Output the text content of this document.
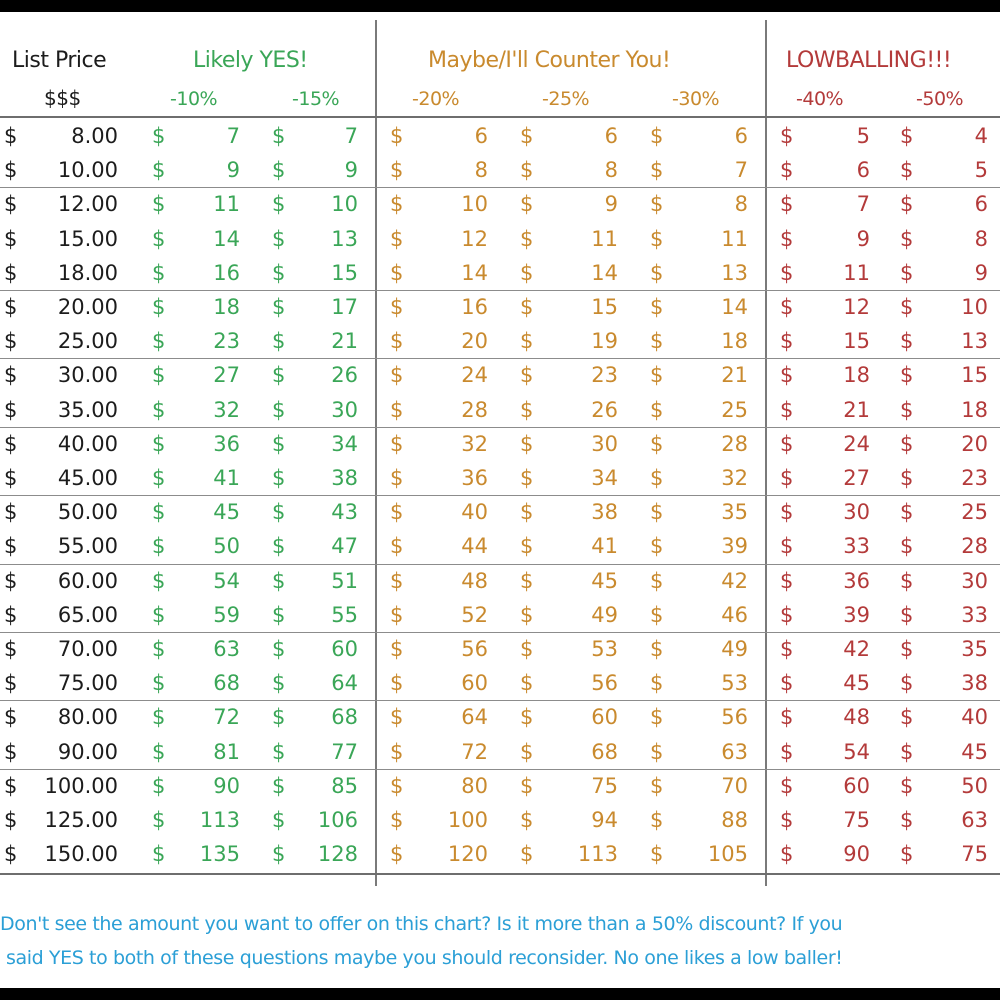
List Price
$$$
Likely YES!	Maybe/I'll Counter You!	LOWBALLING!!!
-10%	-15%	-20%	-25%	-30%	-40%	-50%
$	8.00 $	7 $	7 $	6 $	6 $	6 $	5 $	4
$	10.00 $	9 $	9 $	8 $	8 $	7 $	6 $	5
$	12.00 $	11 $	10 $	10 $	9 $	8 $	7 $	6
$	15.00 $	14 $	13 $	12 $	11 $	11 $	9 $	8
$	18.00 $	16 $	15 $	14 $	14 $	13 $	11 $	9
$	20.00 $	18 $	17 $	16 $	15 $	14 $	12 $	10
$	25.00 $	23 $	21 $	20 $	19 $	18 $	15 $	13
$	30.00 $	27 $	26 $	24 $	23 $	21 $	18 $	15
$	35.00 $	32 $	30 $	28 $	26 $	25 $	21 $	18
$	40.00 $	36 $	34 $	32 $	30 $	28 $	24 $	20
$	45.00 $	41 $	38 $	36 $	34 $	32 $	27 $	23
$	50.00 $	45 $	43 $	40 $	38 $	35 $	30 $	25
$	55.00 $	50 $	47 $	44 $	41 $	39 $	33 $	28
$	60.00 $	54 $	51 $	48 $	45 $	42 $	36 $	30
$	65.00 $	59 $	55 $	52 $	49 $	46 $	39 $	33
$	70.00 $	63 $	60 $	56 $	53 $	49 $	42 $	35
$	75.00 $	68 $	64 $	60 $	56 $	53 $	45 $	38
$	80.00 $	72 $	68 $	64 $	60 $	56 $	48 $	40
$	90.00 $	81 $	77 $	72 $	68 $	63 $	54 $	45
$	100.00 $	90 $	85 $	80 $	75 $	70 $	60 $	50
$	125.00 $	113 $	106 $	100 $	94 $	88 $	75 $	63
$	150.00 $	135 $	128 $	120 $	113 $	105 $	90 $	75
Don't see the amount you want to offer on this chart? Is it more than a 50% discount? If you
said YES to both of these questions maybe you should reconsider. No one likes a low baller!
